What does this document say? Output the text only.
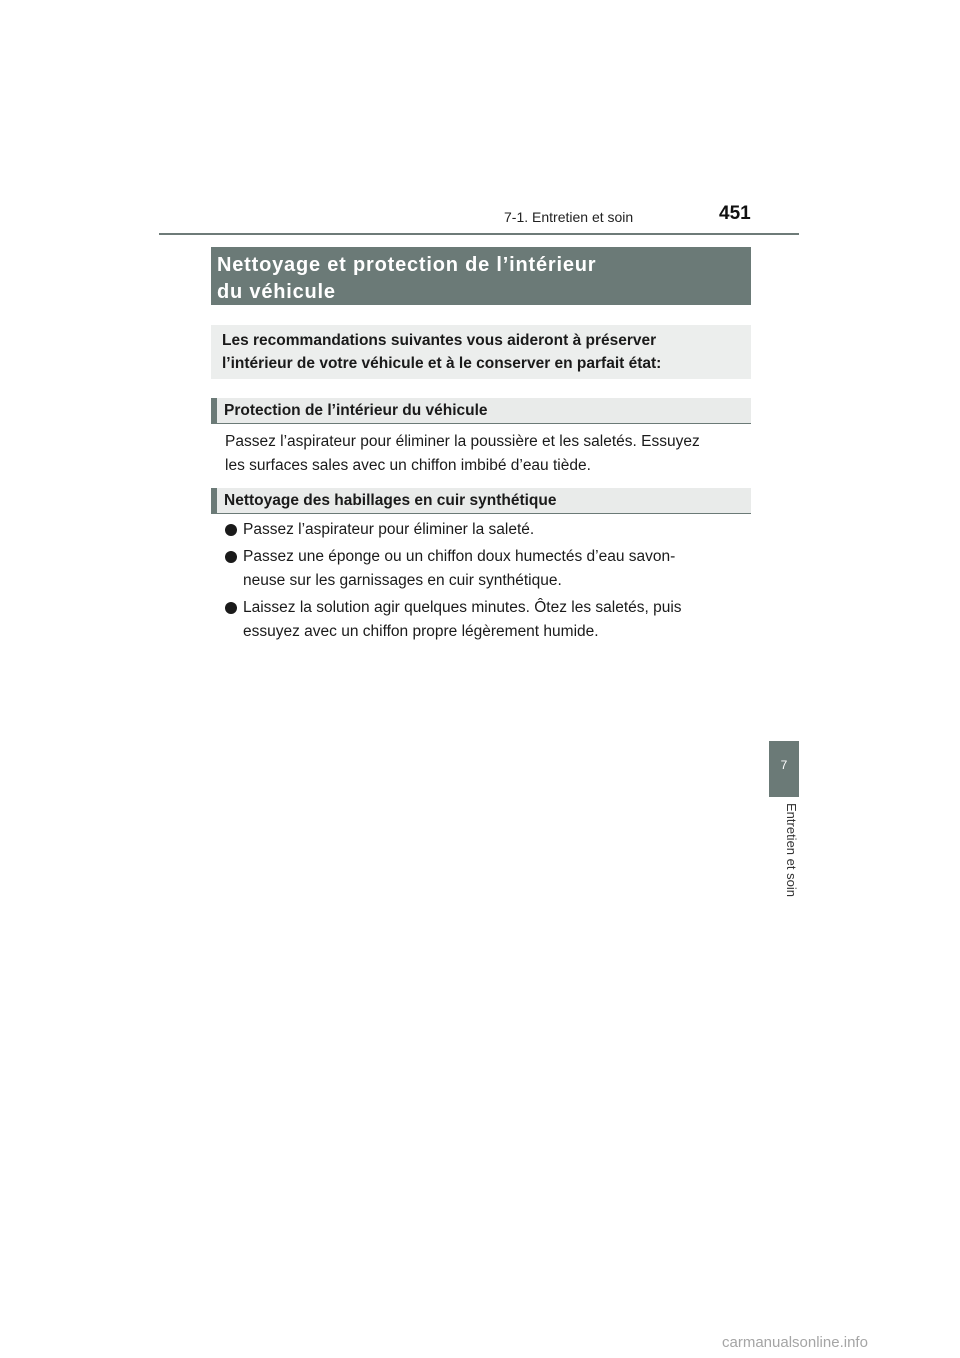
7-1. Entretien et soin	451
Nettoyage et protection de l’intérieur
du véhicule
Les recommandations suivantes vous aideront à préserver
l’intérieur de votre véhicule et à le conserver en parfait état:
Protection de l’intérieur du véhicule
Passez l’aspirateur pour éliminer la poussière et les saletés. Essuyez
les surfaces sales avec un chiffon imbibé d’eau tiède.
Nettoyage des habillages en cuir synthétique
Passez l’aspirateur pour éliminer la saleté.
Passez une éponge ou un chiffon doux humectés d’eau savon-
neuse sur les garnissages en cuir synthétique.
Laissez la solution agir quelques minutes. Ôtez les saletés, puis
essuyez avec un chiffon propre légèrement humide.
7
Entretien et soin
carmanualsonline.info
